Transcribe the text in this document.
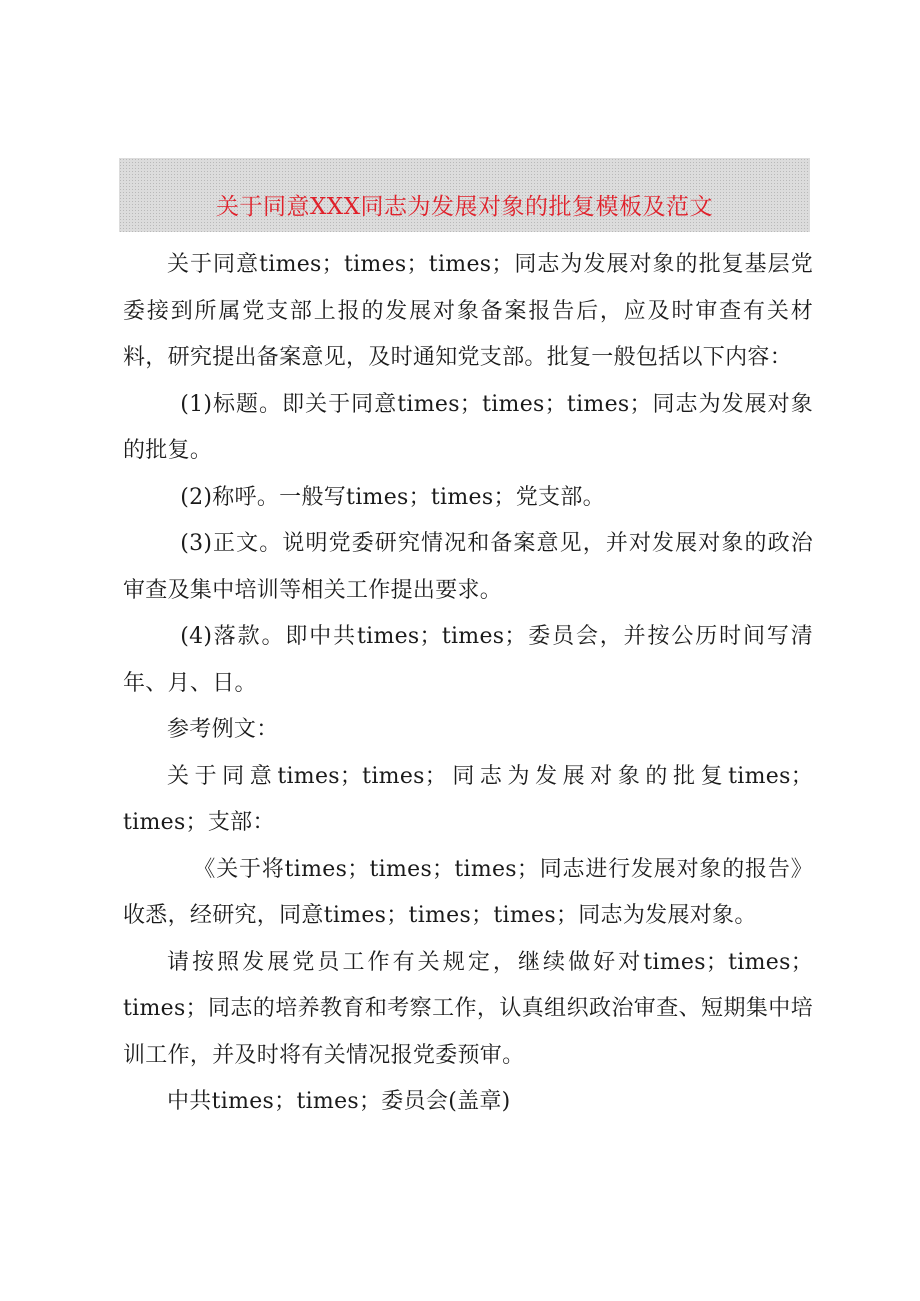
关于同意XXX同志为发展对象的批复模板及范文

关于同意times；times；times；同志为发展对象的批复基层党委接到所属党支部上报的发展对象备案报告后，应及时审查有关材料，研究提出备案意见，及时通知党支部。批复一般包括以下内容：

(1)标题。即关于同意times；times；times；同志为发展对象的批复。

(2)称呼。一般写times；times；党支部。

(3)正文。说明党委研究情况和备案意见，并对发展对象的政治审查及集中培训等相关工作提出要求。

(4)落款。即中共times；times；委员会，并按公历时间写清年、月、日。

参考例文：

关于同意times；times；同志为发展对象的批复times；times；支部：

《关于将times；times；times；同志进行发展对象的报告》收悉，经研究，同意times；times；times；同志为发展对象。

请按照发展党员工作有关规定，继续做好对times；times；times；同志的培养教育和考察工作，认真组织政治审查、短期集中培训工作，并及时将有关情况报党委预审。

中共times；times；委员会(盖章)
